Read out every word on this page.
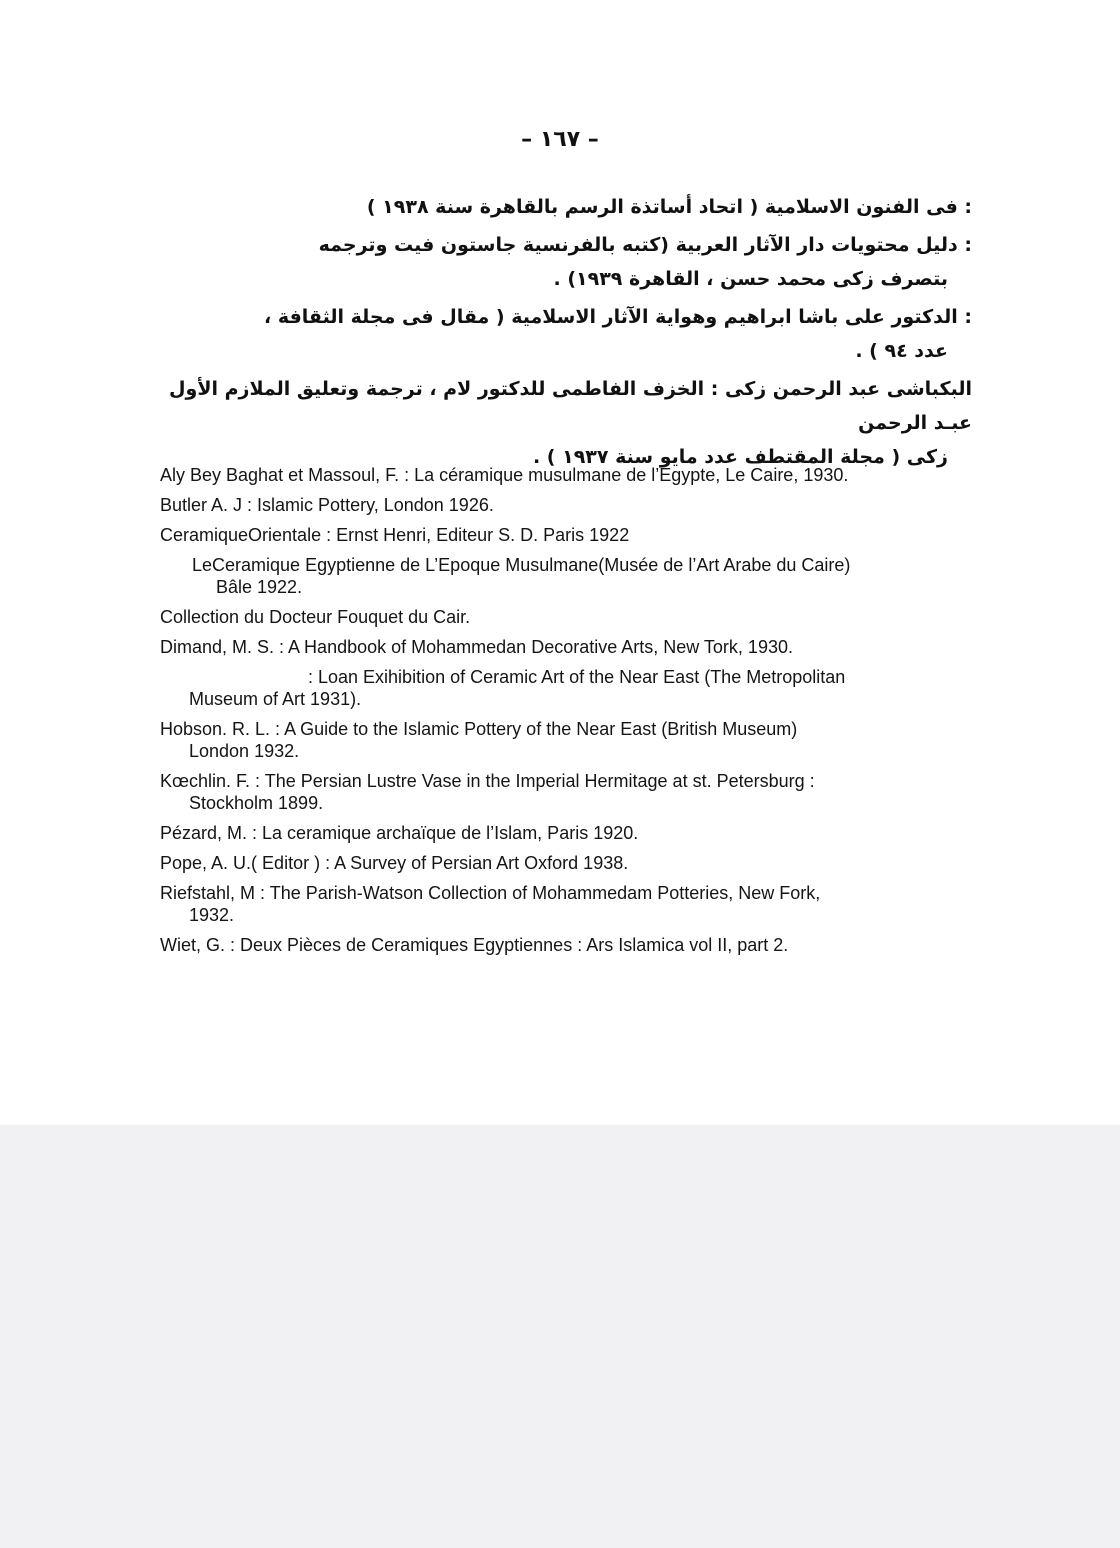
– ١٦٧ –
: فى الفنون الاسلامية ( اتحاد أساتذة الرسم بالقاهرة سنة ١٩٣٨ )
: دليل محتويات دار الآثار العربية (كتبه بالفرنسية جاستون فيت وترجمه
بتصرف زكى محمد حسن ، القاهرة ١٩٣٩) .
: الدكتور على باشا ابراهيم وهواية الآثار الاسلامية ( مقال فى مجلة الثقافة ،
عدد ٩٤ ) .
البكباشى عبد الرحمن زكى : الخزف الفاطمى للدكتور لام ، ترجمة وتعليق الملازم الأول عبـد الرحمن
زكى ( مجلة المقتطف عدد مايو سنة ١٩٣٧ ) .
Aly Bey Baghat et Massoul, F. : La céramique musulmane de l’Egypte, Le Caire, 1930.
Butler A. J : Islamic Pottery, London 1926.
CeramiqueOrientale : Ernst Henri, Editeur S. D. Paris 1922
LeCeramique Egyptienne de L’Epoque Musulmane(Musée de l’Art Arabe du Caire)
Bâle 1922.
Collection du Docteur Fouquet du Cair.
Dimand, M. S. : A Handbook of Mohammedan Decorative Arts, New Tork, 1930.
: Loan Exihibition of Ceramic Art of the Near East (The Metropolitan
Museum of Art 1931).
Hobson. R. L. : A Guide to the Islamic Pottery of the Near East (British Museum)
London 1932.
Kœchlin. F. : The Persian Lustre Vase in the Imperial Hermitage at st. Petersburg :
Stockholm 1899.
Pézard, M. : La ceramique archaïque de l’Islam, Paris 1920.
Pope, A. U.( Editor ) : A Survey of Persian Art Oxford 1938.
Riefstahl, M : The Parish-Watson Collection of Mohammedam Potteries, New Fork,
1932.
Wiet, G. : Deux Pièces de Ceramiques Egyptiennes : Ars Islamica vol II, part 2.
